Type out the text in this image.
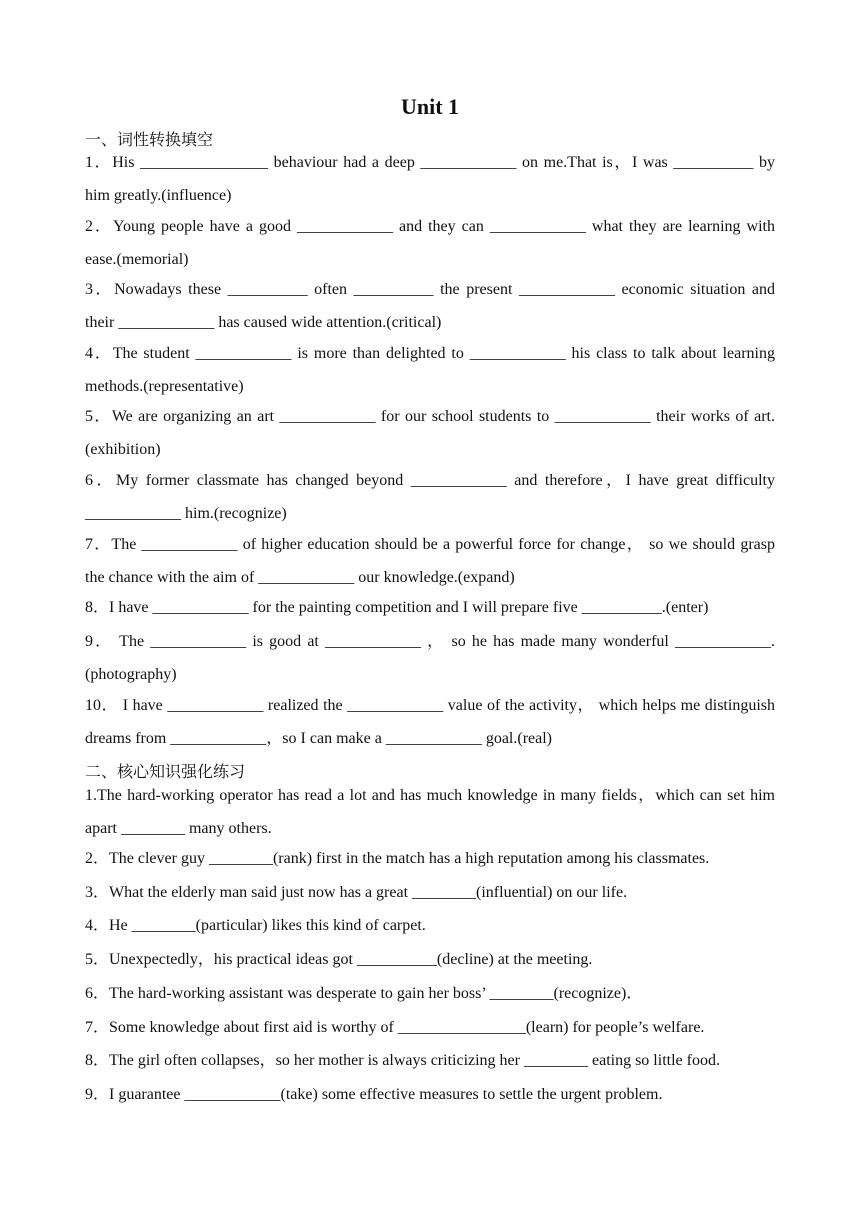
Unit 1
一、词性转换填空
1．His ________________ behaviour had a deep ____________ on me.That is，I was __________ by him greatly.(influence)
2．Young people have a good ____________ and they can ____________ what they are learning with ease.(memorial)
3．Nowadays these __________ often __________ the present ____________ economic situation and their ____________ has caused wide attention.(critical)
4．The student ____________ is more than delighted to ____________ his class to talk about learning methods.(representative)
5．We are organizing an art ____________ for our school students to ____________ their works of art.(exhibition)
6．My former classmate has changed beyond ____________ and therefore，I have great difficulty ____________ him.(recognize)
7．The ____________ of higher education should be a powerful force for change， so we should grasp the chance with the aim of ____________ our knowledge.(expand)
8．I have ____________ for the painting competition and I will prepare five __________.(enter)
9． The ____________ is good at ____________ ， so he has made many wonderful ____________.(photography)
10． I have ____________ realized the ____________ value of the activity， which helps me distinguish dreams from ____________，so I can make a ____________ goal.(real)
二、核心知识强化练习
1.The hard-working operator has read a lot and has much knowledge in many fields，which can set him apart ________ many others.
2．The clever guy ________(rank) first in the match has a high reputation among his classmates.
3．What the elderly man said just now has a great ________(influential) on our life.
4．He ________(particular) likes this kind of carpet.
5．Unexpectedly，his practical ideas got __________(decline) at the meeting.
6．The hard-working assistant was desperate to gain her boss’ ________(recognize)．
7．Some knowledge about first aid is worthy of ________________(learn) for people’s welfare.
8．The girl often collapses，so her mother is always criticizing her ________ eating so little food.
9．I guarantee ____________(take) some effective measures to settle the urgent problem.
